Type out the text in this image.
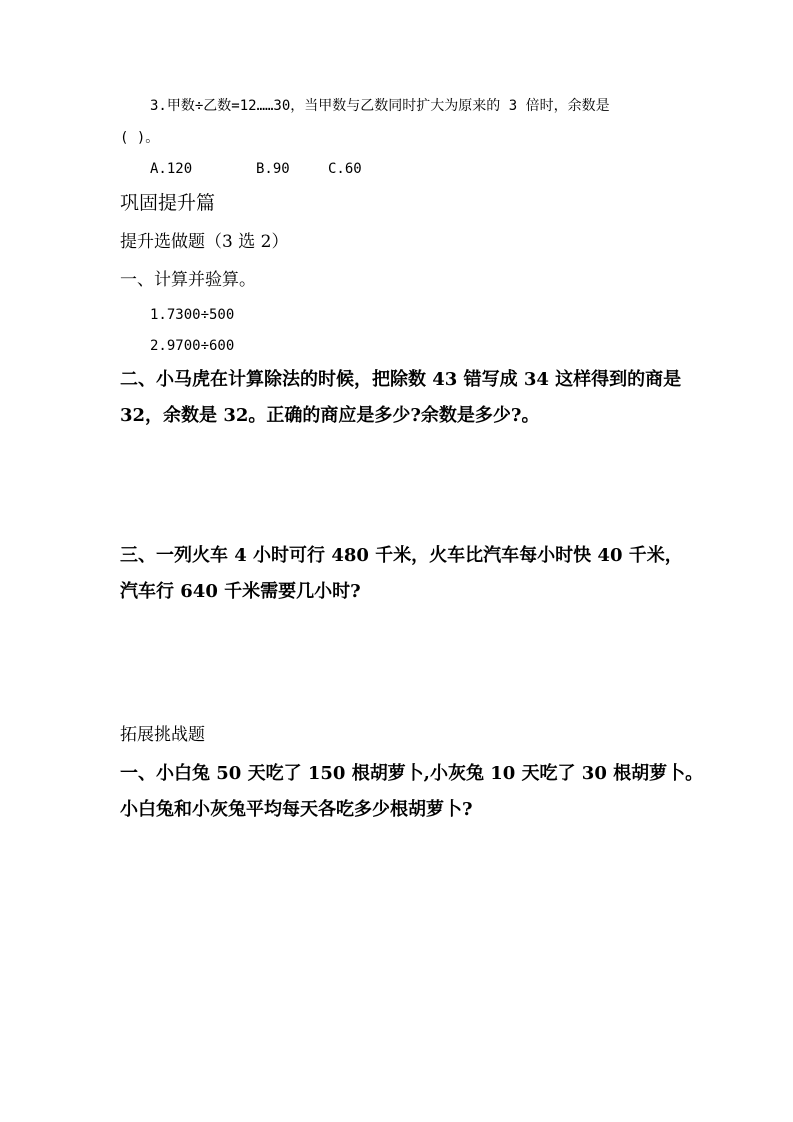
3.甲数÷乙数=12……30，当甲数与乙数同时扩大为原来的 3 倍时，余数是
( )。
A.120	B.90	C.60
巩固提升篇
提升选做题（3 选 2）
一、计算并验算。
1.7300÷500
2.9700÷600
二、小马虎在计算除法的时候，把除数 43 错写成 34 这样得到的商是
32，余数是 32。正确的商应是多少?余数是多少?。
三、一列火车 4 小时可行 480 千米，火车比汽车每小时快 40 千米，
汽车行 640 千米需要几小时?
拓展挑战题
一、小白兔 50 天吃了 150 根胡萝卜,小灰兔 10 天吃了 30 根胡萝卜。
小白兔和小灰兔平均每天各吃多少根胡萝卜?
